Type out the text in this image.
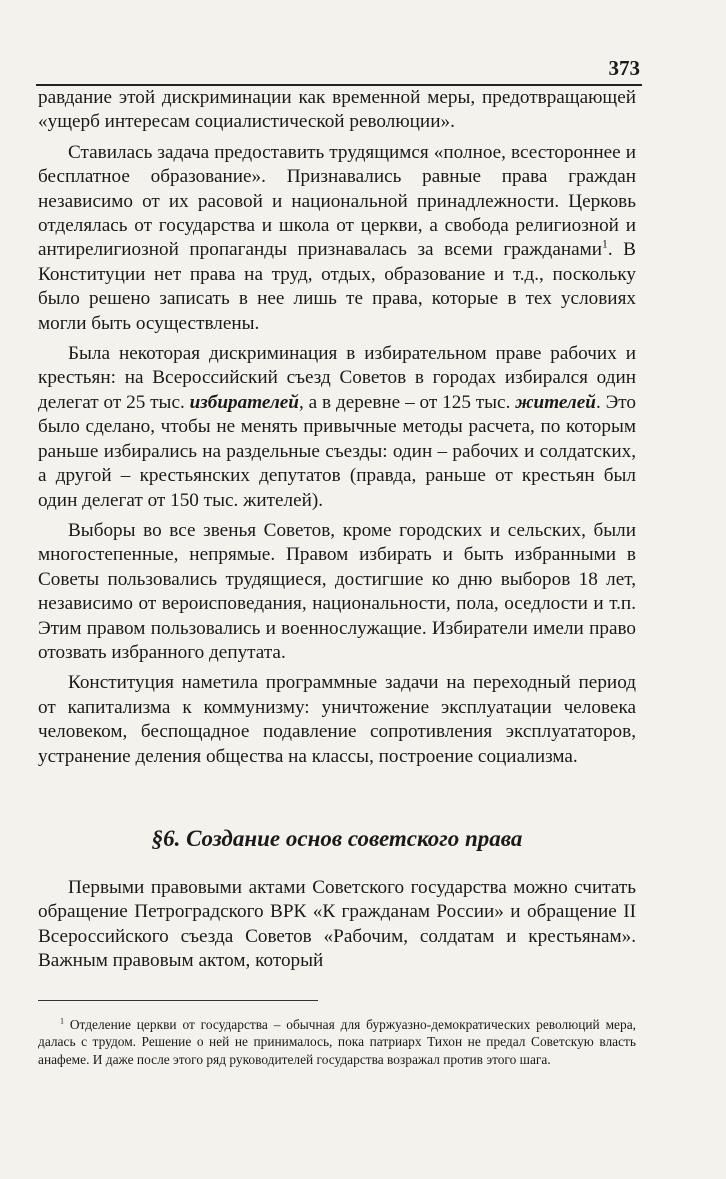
373

равдание этой дискриминации как временной меры, предотвращающей «ущерб интересам социалистической революции».

Ставилась задача предоставить трудящимся «полное, всестороннее и бесплатное образование». Признавались равные права граждан независимо от их расовой и национальной принадлежности. Церковь отделялась от государства и школа от церкви, а свобода религиозной и антирелигиозной пропаганды признавалась за всеми гражданами$^1$. В Конституции нет права на труд, отдых, образование и т.д., поскольку было решено записать в нее лишь те права, которые в тех условиях могли быть осуществлены.

Была некоторая дискриминация в избирательном праве рабочих и крестьян: на Всероссийский съезд Советов в городах избирался один делегат от 25 тыс. избирателей, а в деревне – от 125 тыс. жителей. Это было сделано, чтобы не менять привычные методы расчета, по которым раньше избирались на раздельные съезды: один – рабочих и солдатских, а другой – крестьянских депутатов (правда, раньше от крестьян был один делегат от 150 тыс. жителей).

Выборы во все звенья Советов, кроме городских и сельских, были многостепенные, непрямые. Правом избирать и быть избранными в Советы пользовались трудящиеся, достигшие ко дню выборов 18 лет, независимо от вероисповедания, национальности, пола, оседлости и т.п. Этим правом пользовались и военнослужащие. Избиратели имели право отозвать избранного депутата.

Конституция наметила программные задачи на переходный период от капитализма к коммунизму: уничтожение эксплуатации человека человеком, беспощадное подавление сопротивления эксплуататоров, устранение деления общества на классы, построение социализма.

§6. Создание основ советского права

Первыми правовыми актами Советского государства можно считать обращение Петроградского ВРК «К гражданам России» и обращение II Всероссийского съезда Советов «Рабочим, солдатам и крестьянам». Важным правовым актом, который

$^1$ Отделение церкви от государства – обычная для буржуазно-демократических революций мера, далась с трудом. Решение о ней не принималось, пока патриарх Тихон не предал Советскую власть анафеме. И даже после этого ряд руководителей государства возражал против этого шага.
